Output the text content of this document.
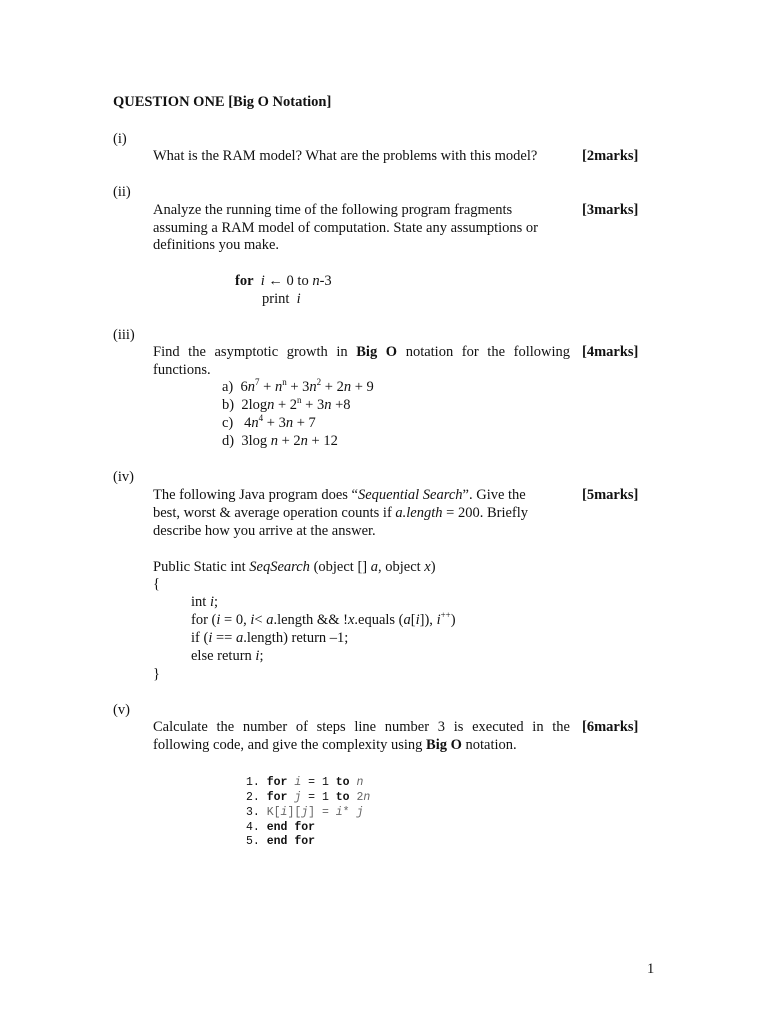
QUESTION ONE [Big O Notation]
(i)
What is the RAM model? What are the problems with this model?	[2marks]
(ii)
Analyze the running time of the following program fragments
assuming a RAM model of computation. State any assumptions or
definitions you make.
[3marks]
for i ← 0 to n-3
print i
(iii)
Find the asymptotic growth in Big O notation for the following
functions.
[4marks]
a)  $6n^7 + n^n + 3n^2 + 2n + 9$
b)  $2\log n + 2^n + 3n +8$
c)   $4n^4 + 3n + 7$
d)  3log n + 2n + 12
(iv)
The following Java program does “Sequential Search”. Give the
best, worst & average operation counts if a.length = 200. Briefly
describe how you arrive at the answer.
[5marks]
Public Static int SeqSearch (object [] a, object x)
{
int i;
for (i = 0, i< a.length && !x.equals (a[i]), i++)
if (i == a.length) return –1;
else return i;
}
(v)
Calculate the number of steps line number 3 is executed in the
following code, and give the complexity using Big O notation.
[6marks]
1. for i = 1 to n
2. for j = 1 to 2n
3. K[i][j] = i* j
4. end for
5. end for
1
